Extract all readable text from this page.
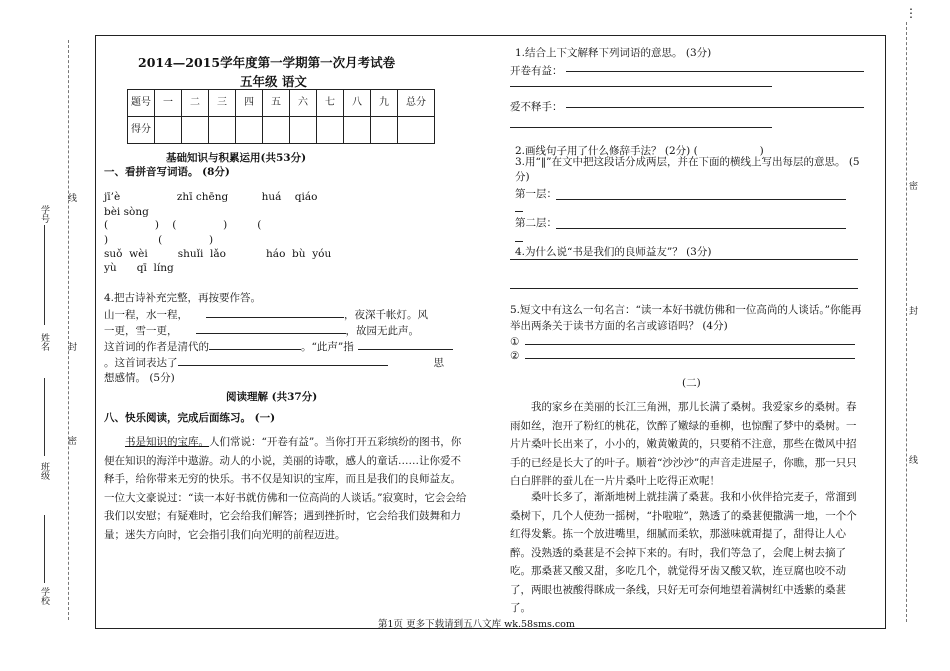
学号
线
姓名 封
班级
密
学校
⋮
密
封
线
2014—2015学年度第一学期第一次月考试卷
五年级 语文
题号	一	二	三	四	五	六	七	八	九	总分
得分										
基础知识与积累运用(共53分)
一、看拼音写词语。 (8分)
jī’è                 zhī chēng          huá    qiáo
bèi sòng
(              )    (              )         (
)               (              )
suǒ  wèi         shuǐi  lǎo            háo  bù  yóu
yù      qī  líng
4.把古诗补充完整，再按要作答。
山一程，水一程，	，夜深千帐灯。风
一更，雪一更，	，故园无此声。
这首词的作者是清代的	。“此声”指
。这首词表达了	思
想感情。 (5分)
阅读理解 (共37分)
八、快乐阅读，完成后面练习。 (一)
书是知识的宝库。人们常说：“开卷有益”。当你打开五彩缤纷的图书，你便在知识的海洋中遨游。动人的小说，美丽的诗歌，感人的童话……让你爱不释手，给你带来无穷的快乐。书不仅是知识的宝库，而且是我们的良师益友。一位大文豪说过：“读一本好书就仿佛和一位高尚的人谈话。”寂寞时，它会会给我们以安慰；有疑难时，它会给我们解答；遇到挫折时，它会给我们鼓舞和力量；迷失方向时，它会指引我们向光明的前程迈进。
1.结合上下文解释下列词语的意思。 (3分)
开卷有益：
爱不释手：
2.画线句子用了什么修辞手法？ (2分) (	)
3.用“‖”在文中把这段话分成两层，并在下面的横线上写出每层的意思。 (5分)
第一层：
第二层：
4.为什么说“书是我们的良师益友”？ (3分)
5.短文中有这么一句名言：“读一本好书就仿佛和一位高尚的人谈话。”你能再举出两条关于读书方面的名言或谚语吗？ (4分)
①
②
(二)
我的家乡在美丽的长江三角洲，那儿长满了桑树。我爱家乡的桑树。春雨如丝，泡开了粉红的桃花，饮醉了嫩绿的垂柳，也惊醒了梦中的桑树。一片片桑叶长出来了，小小的，嫩黄嫩黄的，只要稍不注意，那些在微风中招手的已经是长大了的叶子。顺着“沙沙沙”的声音走进屋子，你瞧，那一只只白白胖胖的蚕儿在一片片桑叶上吃得正欢呢！
桑叶长多了，渐渐地树上就挂满了桑葚。我和小伙伴拾完麦子，常溜到桑树下，几个人使劲一摇树，“扑啦啦”，熟透了的桑葚便撒满一地，一个个红得发紫。拣一个放进嘴里，细腻而柔软，那滋味就甭提了，甜得让人心醉。没熟透的桑葚是不会掉下来的。有时，我们等急了，会爬上树去摘了吃。那桑葚又酸又甜，多吃几个，就觉得牙齿又酸又软，连豆腐也咬不动了，两眼也被酸得眯成一条线，只好无可奈何地望着满树红中透紫的桑葚了。
第1页 更多下载请到五八文库 wk.58sms.com
